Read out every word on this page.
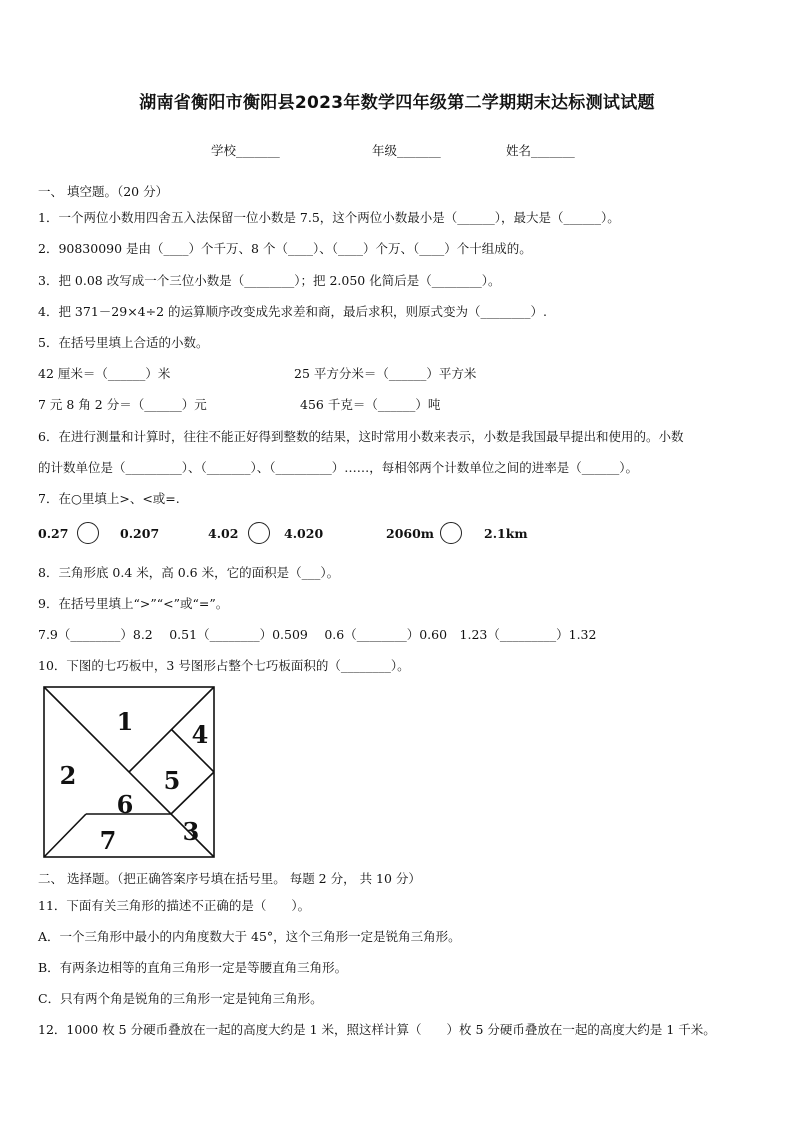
湖南省衡阳市衡阳县2023年数学四年级第二学期期末达标测试试题
学校_______	年级_______	姓名_______
一、 填空题。（20 分）
1．一个两位小数用四舍五入法保留一位小数是 7.5，这个两位小数最小是（______），最大是（______）。
2．90830090 是由（____）个千万、8 个（____）、（____）个万、（____）个十组成的。
3．把 0.08 改写成一个三位小数是（________）；把 2.050 化简后是（________）。
4．把 371－29×4÷2 的运算顺序改变成先求差和商，最后求积，则原式变为（________）.
5．在括号里填上合适的小数。
42 厘米＝（______）米	25 平方分米＝（______）平方米
7 元 8 角 2 分＝（______）元	456 千克＝（______）吨
6．在进行测量和计算时，往往不能正好得到整数的结果，这时常用小数来表示，小数是我国最早提出和使用的。小数
的计数单位是（_________）、（_______）、（_________）……，每相邻两个计数单位之间的进率是（______）。
7．在○里填上>、<或=.
0.27	0.207	4.02	4.020	2060m	2.1km
8．三角形底 0.4 米，高 0.6 米，它的面积是（___）。
9．在括号里填上“>”“<”或“=”。
7.9（________）8.2　 0.51（________）0.509　 0.6（________）0.60　1.23（_________）1.32
10．下图的七巧板中，3 号图形占整个七巧板面积的（________）。
1
2
3
4
5
6
7
二、 选择题。（把正确答案序号填在括号里。 每题 2 分， 共 10 分）
11．下面有关三角形的描述不正确的是（　　）。
A．一个三角形中最小的内角度数大于 45°，这个三角形一定是锐角三角形。
B．有两条边相等的直角三角形一定是等腰直角三角形。
C．只有两个角是锐角的三角形一定是钝角三角形。
12．1000 枚 5 分硬币叠放在一起的高度大约是 1 米，照这样计算（　　）枚 5 分硬币叠放在一起的高度大约是 1 千米。
